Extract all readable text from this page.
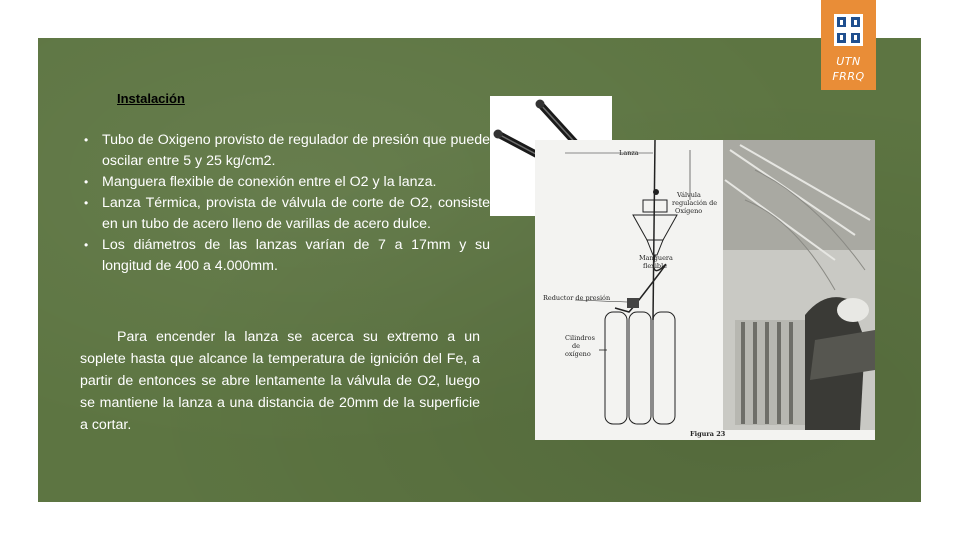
UTN
FRRQ
Instalación
• Tubo de Oxigeno provisto de regulador de presión que puede oscilar entre 5 y 25 kg/cm2.
• Manguera flexible de conexión entre el O2 y la lanza.
• Lanza Térmica, provista de válvula de corte de O2, consiste en un tubo de acero lleno de varillas de acero dulce.
• Los diámetros de las lanzas varían de 7 a 17mm y su longitud de 400 a 4.000mm.

Para encender la lanza se acerca su extremo a un soplete hasta que alcance la temperatura de ignición del Fe, a partir de entonces se abre lentamente la válvula de O2, luego se mantiene la lanza a una distancia de 20mm de la superficie a cortar.

Lanza
Válvula
regulación de
Oxígeno
Manguera
flexible
Reductor de presión
Cilindros
de
oxígeno
Figura 23
